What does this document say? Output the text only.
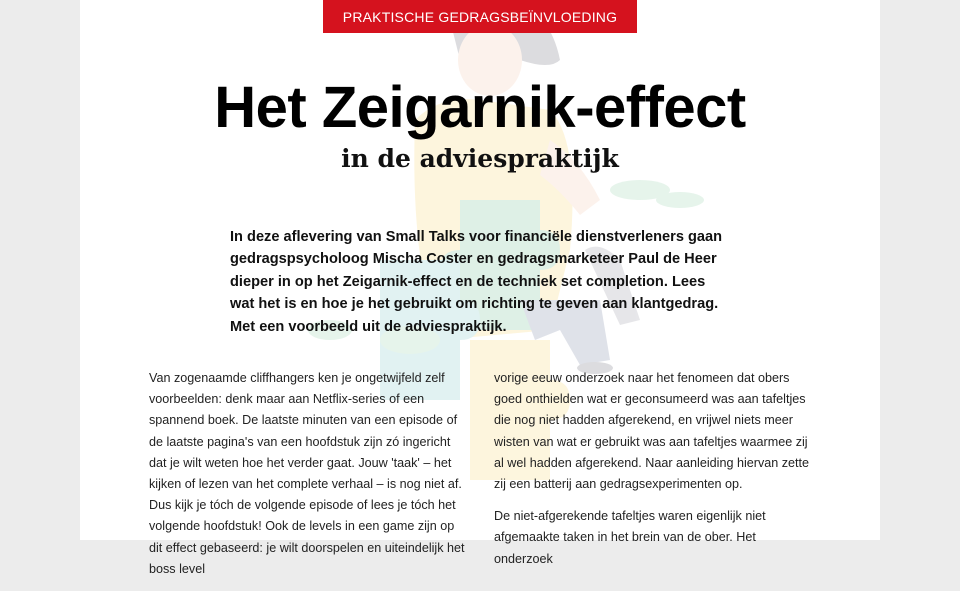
PRAKTISCHE GEDRAGSBEÏNVLOEDING
Het Zeigarnik-effect
in de adviespraktijk
In deze aflevering van Small Talks voor financiële dienstverleners gaan gedragspsycholoog Mischa Coster en gedragsmarketeer Paul de Heer dieper in op het Zeigarnik-effect en de techniek set completion. Lees wat het is en hoe je het gebruikt om richting te geven aan klantgedrag. Met een voorbeeld uit de adviespraktijk.

Van zogenaamde cliffhangers ken je ongetwijfeld zelf voorbeelden: denk maar aan Netflix-series of een spannend boek. De laatste minuten van een episode of de laatste pagina's van een hoofdstuk zijn zó ingericht dat je wilt weten hoe het verder gaat. Jouw 'taak' – het kijken of lezen van het complete verhaal – is nog niet af. Dus kijk je tóch de volgende episode of lees je tóch het volgende hoofdstuk! Ook de levels in een game zijn op dit effect gebaseerd: je wilt doorspelen en uiteindelijk het boss level

vorige eeuw onderzoek naar het fenomeen dat obers goed onthielden wat er geconsumeerd was aan tafeltjes die nog niet hadden afgerekend, en vrijwel niets meer wisten van wat er gebruikt was aan tafeltjes waarmee zij al wel hadden afgerekend. Naar aanleiding hiervan zette zij een batterij aan gedragsexperimenten op.

De niet-afgerekende tafeltjes waren eigenlijk niet afgemaakte taken in het brein van de ober. Het onderzoek
